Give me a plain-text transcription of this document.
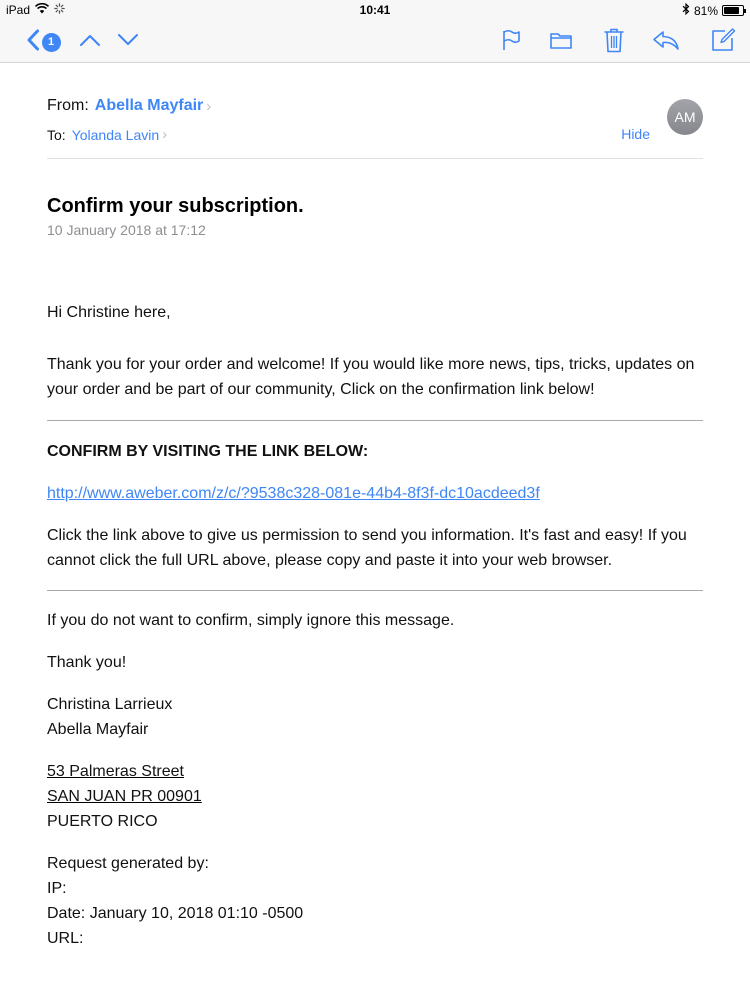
iPad	10:41	81%
1
From: Abella Mayfair ›
To: Yolanda Lavin ›	Hide
AM
Confirm your subscription.
10 January 2018 at 17:12

Hi Christine here,

Thank you for your order and welcome! If you would like more news, tips, tricks, updates on your order and be part of our community, Click on the confirmation link below!

CONFIRM BY VISITING THE LINK BELOW:

http://www.aweber.com/z/c/?9538c328-081e-44b4-8f3f-dc10acdeed3f

Click the link above to give us permission to send you information. It's fast and easy! If you cannot click the full URL above, please copy and paste it into your web browser.

If you do not want to confirm, simply ignore this message.

Thank you!

Christina Larrieux

Abella Mayfair

53 Palmeras Street

SAN JUAN PR 00901

PUERTO RICO

Request generated by:

IP:

Date: January 10, 2018 01:10 -0500

URL:
